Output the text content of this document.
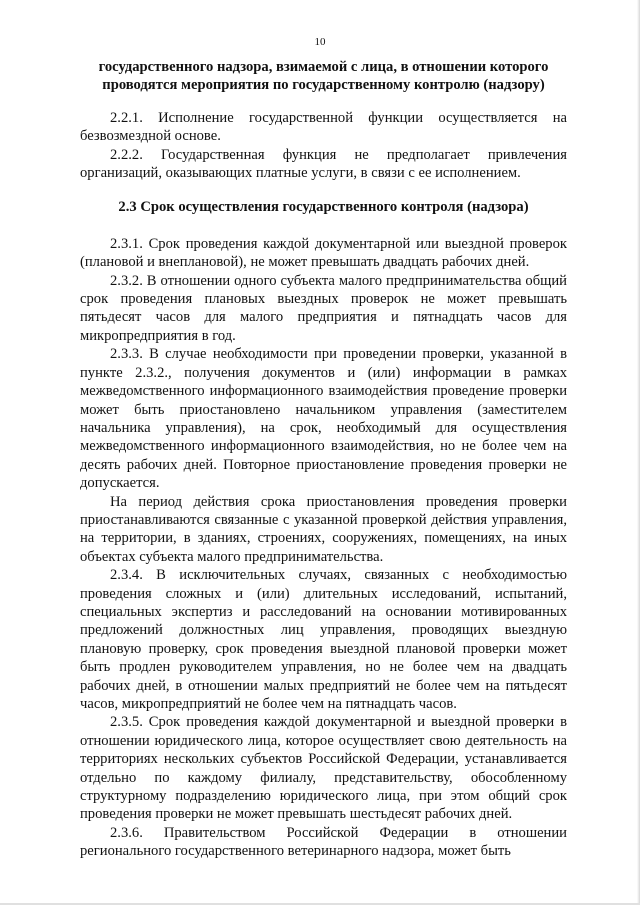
10

государственного надзора, взимаемой с лица, в отношении которого проводятся мероприятия по государственному контролю (надзору)

2.2.1. Исполнение государственной функции осуществляется на безвозмездной основе.

2.2.2. Государственная функция не предполагает привлечения организаций, оказывающих платные услуги, в связи с ее исполнением.

2.3 Срок осуществления государственного контроля (надзора)

2.3.1. Срок проведения каждой документарной или выездной проверок (плановой и внеплановой), не может превышать двадцать рабочих дней.

2.3.2. В отношении одного субъекта малого предпринимательства общий срок проведения плановых выездных проверок не может превышать пятьдесят часов для малого предприятия и пятнадцать часов для микропредприятия в год.

2.3.3. В случае необходимости при проведении проверки, указанной в пункте 2.3.2., получения документов и (или) информации в рамках межведомственного информационного взаимодействия проведение проверки может быть приостановлено начальником управления (заместителем начальника управления), на срок, необходимый для осуществления межведомственного информационного взаимодействия, но не более чем на десять рабочих дней. Повторное приостановление проведения проверки не допускается.

На период действия срока приостановления проведения проверки приостанавливаются связанные с указанной проверкой действия управления, на территории, в зданиях, строениях, сооружениях, помещениях, на иных объектах субъекта малого предпринимательства.

2.3.4. В исключительных случаях, связанных с необходимостью проведения сложных и (или) длительных исследований, испытаний, специальных экспертиз и расследований на основании мотивированных предложений должностных лиц управления, проводящих выездную плановую проверку, срок проведения выездной плановой проверки может быть продлен руководителем управления, но не более чем на двадцать рабочих дней, в отношении малых предприятий не более чем на пятьдесят часов, микропредприятий не более чем на пятнадцать часов.

2.3.5. Срок проведения каждой документарной и выездной проверки в отношении юридического лица, которое осуществляет свою деятельность на территориях нескольких субъектов Российской Федерации, устанавливается отдельно по каждому филиалу, представительству, обособленному структурному подразделению юридического лица, при этом общий срок проведения проверки не может превышать шестьдесят рабочих дней.

2.3.6. Правительством Российской Федерации в отношении регионального государственного ветеринарного надзора, может быть
